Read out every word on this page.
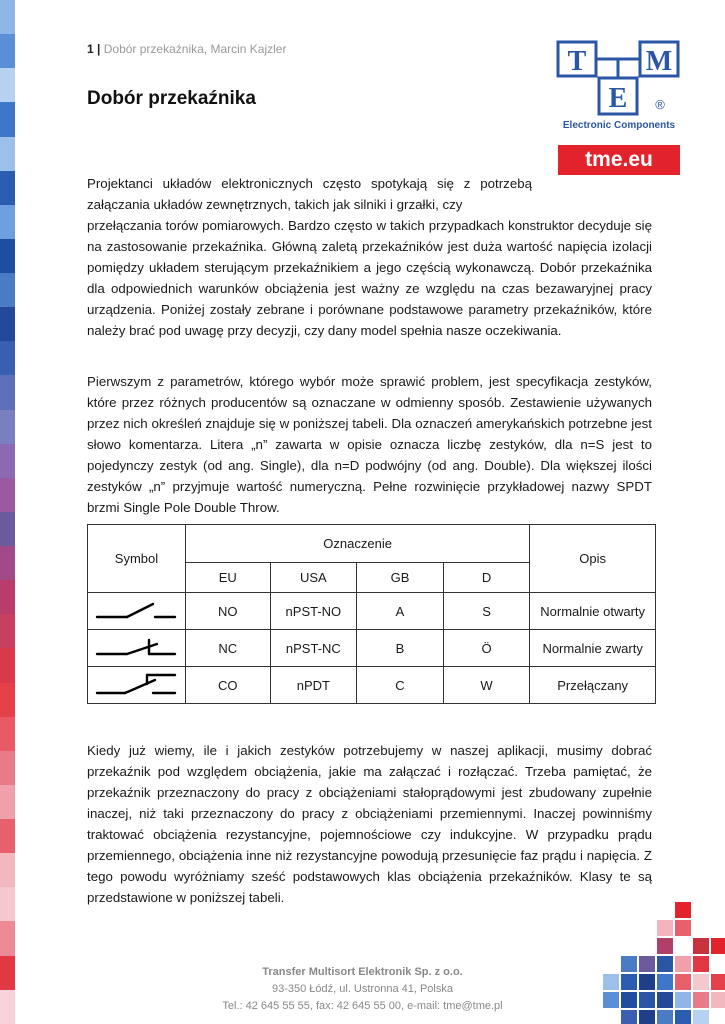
1 | Dobór przekaźnika, Marcin Kajzler
Dobór przekaźnika
T M
E ®
Electronic Components
tme.eu

Projektanci układów elektronicznych często spotykają się z potrzebą załączania układów zewnętrznych, takich jak silniki i grzałki, czy

przełączania torów pomiarowych. Bardzo często w takich przypadkach konstruktor decyduje się na zastosowanie przekaźnika. Główną zaletą przekaźników jest duża wartość napięcia izolacji pomiędzy układem sterującym przekaźnikiem a jego częścią wykonawczą. Dobór przekaźnika dla odpowiednich warunków obciążenia jest ważny ze względu na czas bezawaryjnej pracy urządzenia. Poniżej zostały zebrane i porównane podstawowe parametry przekaźników, które należy brać pod uwagę przy decyzji, czy dany model spełnia nasze oczekiwania.

Pierwszym z parametrów, którego wybór może sprawić problem, jest specyfikacja zestyków, które przez różnych producentów są oznaczane w odmienny sposób. Zestawienie używanych przez nich określeń znajduje się w poniższej tabeli. Dla oznaczeń amerykańskich potrzebne jest słowo komentarza. Litera „n” zawarta w opisie oznacza liczbę zestyków, dla n=S jest to pojedynczy zestyk (od ang. Single), dla n=D podwójny (od ang. Double). Dla większej ilości zestyków „n” przyjmuje wartość numeryczną. Pełne rozwinięcie przykładowej nazwy SPDT brzmi Single Pole Double Throw.

Symbol	Oznaczenie				Opis
	EU	USA	GB	D	

	NO	nPST-NO	A	S	Normalnie otwarty

	NC	nPST-NC	B	Ö	Normalnie zwarty

	CO	nPDT	C	W	Przełączany

Kiedy już wiemy, ile i jakich zestyków potrzebujemy w naszej aplikacji, musimy dobrać przekaźnik pod względem obciążenia, jakie ma załączać i rozłączać. Trzeba pamiętać, że przekaźnik przeznaczony do pracy z obciążeniami stałoprądowymi jest zbudowany zupełnie inaczej, niż taki przeznaczony do pracy z obciążeniami przemiennymi. Inaczej powinniśmy traktować obciążenia rezystancyjne, pojemnościowe czy indukcyjne. W przypadku prądu przemiennego, obciążenia inne niż rezystancyjne powodują przesunięcie faz prądu i napięcia. Z tego powodu wyróżniamy sześć podstawowych klas obciążenia przekaźników. Klasy te są przedstawione w poniższej tabeli.

Transfer Multisort Elektronik Sp. z o.o.
93-350 Łódź, ul. Ustronna 41, Polska
Tel.: 42 645 55 55, fax: 42 645 55 00, e-mail: tme@tme.pl
